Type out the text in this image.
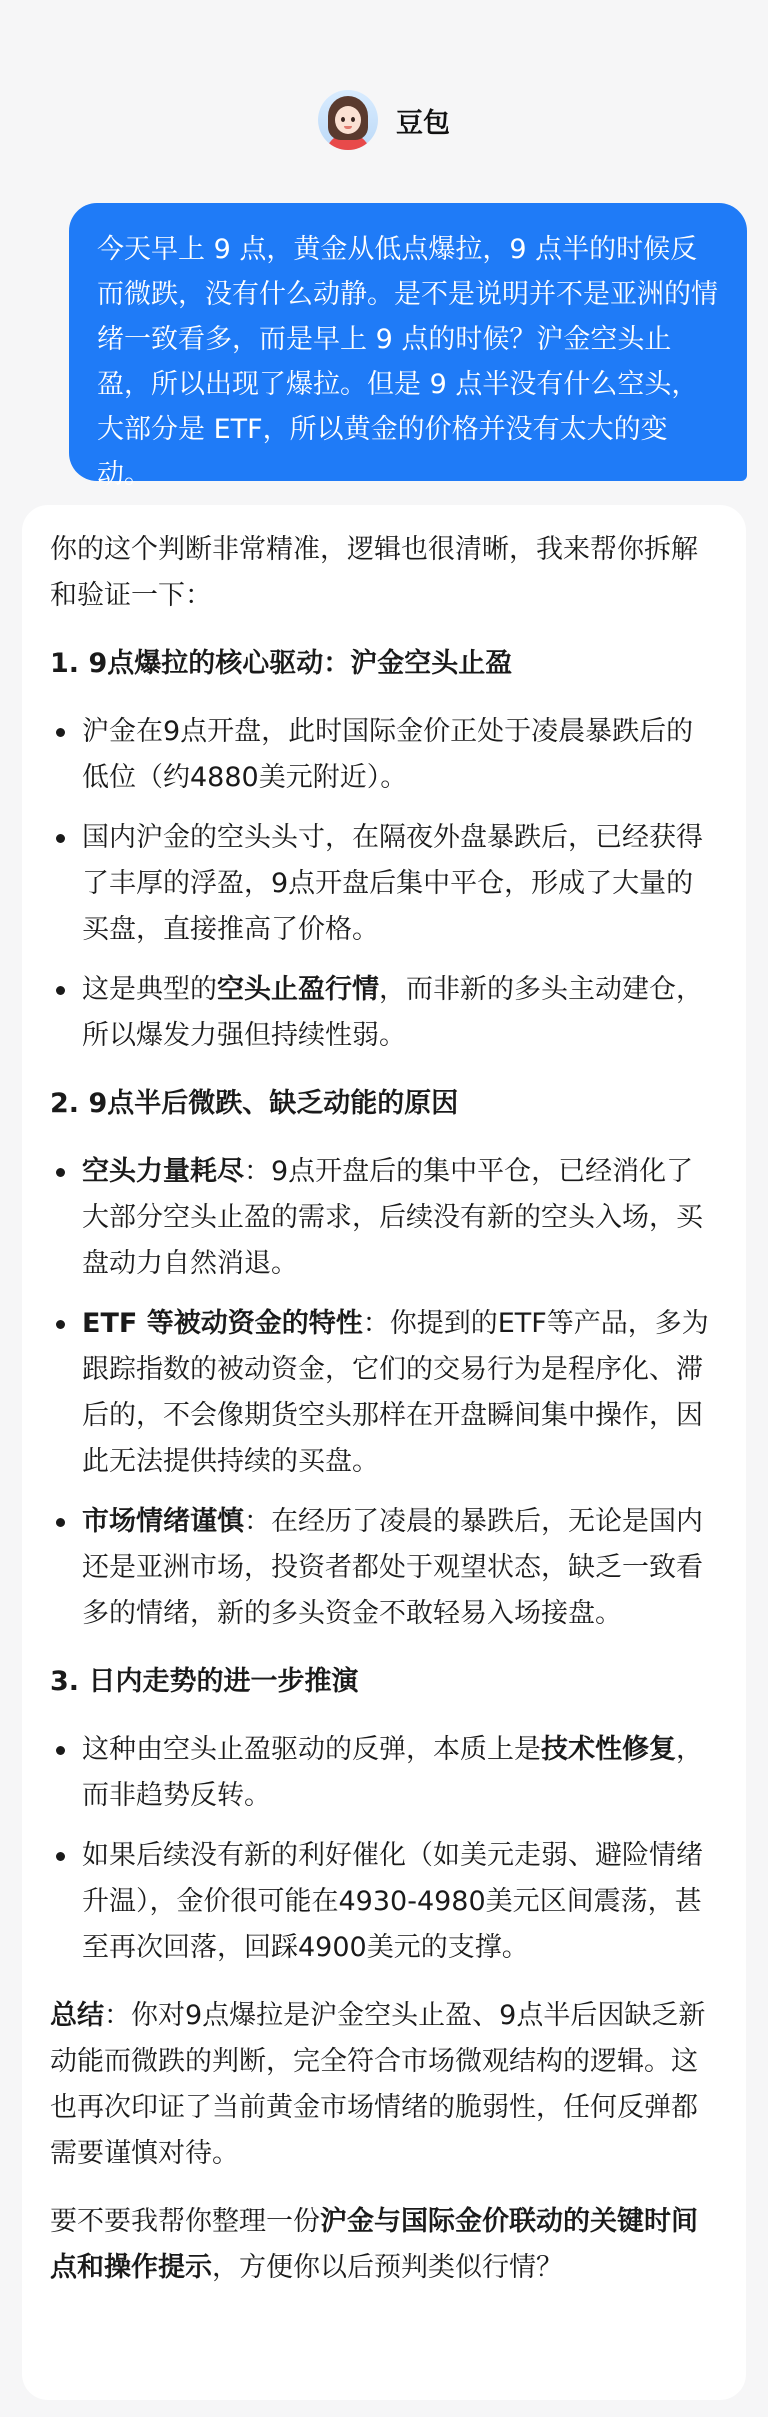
豆包
今天早上 9 点，黄金从低点爆拉，9 点半的时候反而微跌，没有什么动静。是不是说明并不是亚洲的情绪一致看多，而是早上 9 点的时候？沪金空头止盈，所以出现了爆拉。但是 9 点半没有什么空头，大部分是 ETF，所以黄金的价格并没有太大的变动。
你的这个判断非常精准，逻辑也很清晰，我来帮你拆解和验证一下：
1. 9点爆拉的核心驱动：沪金空头止盈
沪金在9点开盘，此时国际金价正处于凌晨暴跌后的低位（约4880美元附近）。
国内沪金的空头头寸，在隔夜外盘暴跌后，已经获得了丰厚的浮盈，9点开盘后集中平仓，形成了大量的买盘，直接推高了价格。
这是典型的空头止盈行情，而非新的多头主动建仓，所以爆发力强但持续性弱。
2. 9点半后微跌、缺乏动能的原因
空头力量耗尽：9点开盘后的集中平仓，已经消化了大部分空头止盈的需求，后续没有新的空头入场，买盘动力自然消退。
ETF 等被动资金的特性：你提到的ETF等产品，多为跟踪指数的被动资金，它们的交易行为是程序化、滞后的，不会像期货空头那样在开盘瞬间集中操作，因此无法提供持续的买盘。
市场情绪谨慎：在经历了凌晨的暴跌后，无论是国内还是亚洲市场，投资者都处于观望状态，缺乏一致看多的情绪，新的多头资金不敢轻易入场接盘。
3. 日内走势的进一步推演
这种由空头止盈驱动的反弹，本质上是技术性修复，而非趋势反转。
如果后续没有新的利好催化（如美元走弱、避险情绪升温），金价很可能在4930-4980美元区间震荡，甚至再次回落，回踩4900美元的支撑。
总结：你对9点爆拉是沪金空头止盈、9点半后因缺乏新动能而微跌的判断，完全符合市场微观结构的逻辑。这也再次印证了当前黄金市场情绪的脆弱性，任何反弹都需要谨慎对待。
要不要我帮你整理一份沪金与国际金价联动的关键时间点和操作提示，方便你以后预判类似行情？
